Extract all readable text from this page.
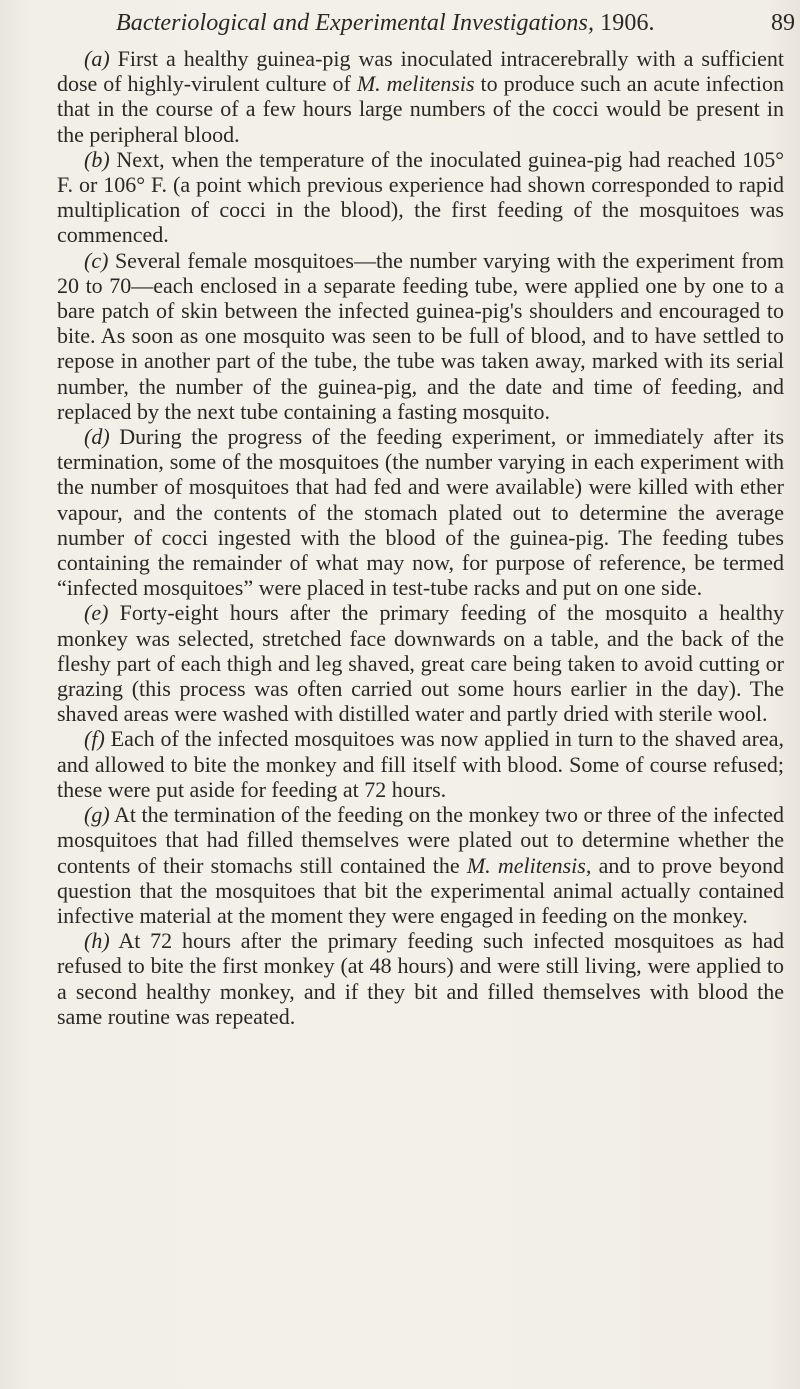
Bacteriological and Experimental Investigations, 1906.	89

(a) First a healthy guinea-pig was inoculated intracerebrally with a sufficient dose of highly-virulent culture of M. melitensis to produce such an acute infection that in the course of a few hours large numbers of the cocci would be present in the peripheral blood.

(b) Next, when the temperature of the inoculated guinea-pig had reached 105° F. or 106° F. (a point which previous experience had shown corresponded to rapid multiplication of cocci in the blood), the first feeding of the mosquitoes was commenced.

(c) Several female mosquitoes—the number varying with the experiment from 20 to 70—each enclosed in a separate feeding tube, were applied one by one to a bare patch of skin between the infected guinea-pig's shoulders and encouraged to bite. As soon as one mosquito was seen to be full of blood, and to have settled to repose in another part of the tube, the tube was taken away, marked with its serial number, the number of the guinea-pig, and the date and time of feeding, and replaced by the next tube containing a fasting mosquito.

(d) During the progress of the feeding experiment, or immediately after its termination, some of the mosquitoes (the number varying in each experiment with the number of mosquitoes that had fed and were available) were killed with ether vapour, and the contents of the stomach plated out to determine the average number of cocci ingested with the blood of the guinea-pig. The feeding tubes containing the remainder of what may now, for purpose of reference, be termed “infected mosquitoes” were placed in test-tube racks and put on one side.

(e) Forty-eight hours after the primary feeding of the mosquito a healthy monkey was selected, stretched face downwards on a table, and the back of the fleshy part of each thigh and leg shaved, great care being taken to avoid cutting or grazing (this process was often carried out some hours earlier in the day). The shaved areas were washed with distilled water and partly dried with sterile wool.

(f) Each of the infected mosquitoes was now applied in turn to the shaved area, and allowed to bite the monkey and fill itself with blood. Some of course refused; these were put aside for feeding at 72 hours.

(g) At the termination of the feeding on the monkey two or three of the infected mosquitoes that had filled themselves were plated out to determine whether the contents of their stomachs still contained the M. melitensis, and to prove beyond question that the mosquitoes that bit the experimental animal actually contained infective material at the moment they were engaged in feeding on the monkey.

(h) At 72 hours after the primary feeding such infected mosquitoes as had refused to bite the first monkey (at 48 hours) and were still living, were applied to a second healthy monkey, and if they bit and filled themselves with blood the same routine was repeated.
